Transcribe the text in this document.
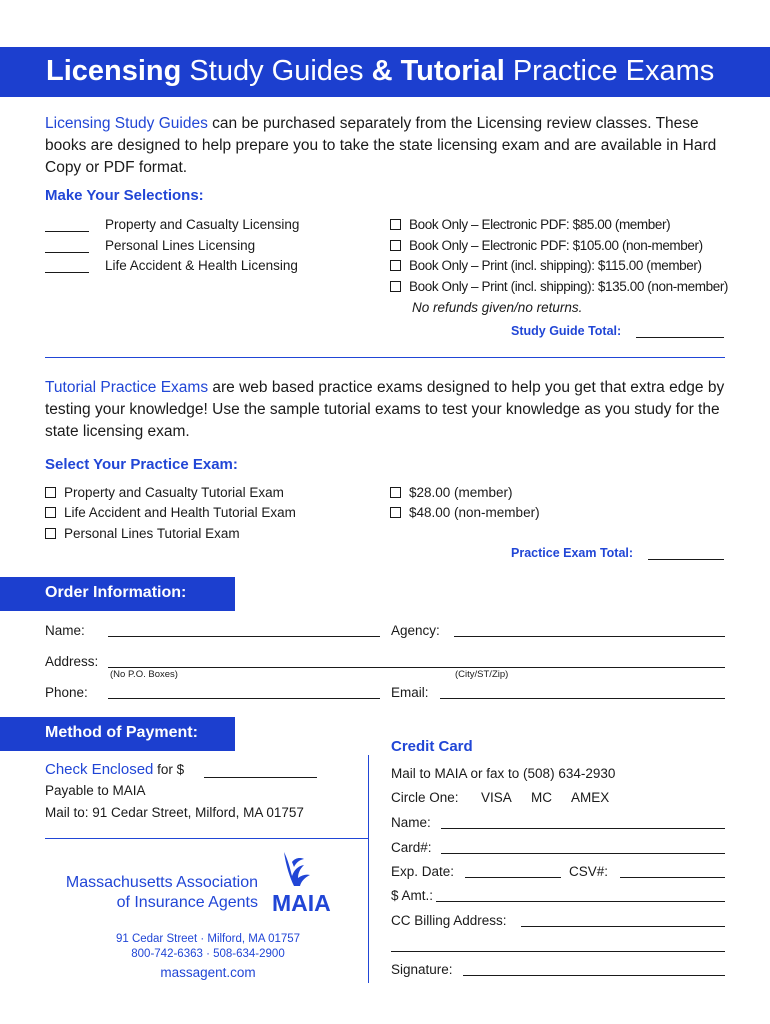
Licensing Study Guides & Tutorial Practice Exams
Licensing Study Guides can be purchased separately from the Licensing review classes. These books are designed to help prepare you to take the state licensing exam and are available in Hard Copy or PDF format.
Make Your Selections:
Property and Casualty Licensing
Personal Lines Licensing
Life Accident & Health Licensing
Book Only – Electronic PDF: $85.00 (member)
Book Only – Electronic PDF: $105.00 (non-member)
Book Only – Print (incl. shipping): $115.00 (member)
Book Only – Print (incl. shipping): $135.00 (non-member)
No refunds given/no returns.
Study Guide Total:
Tutorial Practice Exams are web based practice exams designed to help you get that extra edge by testing your knowledge! Use the sample tutorial exams to test your knowledge as you study for the state licensing exam.
Select Your Practice Exam:
Property and Casualty Tutorial Exam
Life Accident and Health Tutorial Exam
Personal Lines Tutorial Exam
$28.00 (member)
$48.00 (non-member)
Practice Exam Total:
Order Information:
Name:	Agency:
Address:
(No P.O. Boxes)	(City/ST/Zip)
Phone:	Email:
Method of Payment:
Check Enclosed for $
Payable to MAIA
Mail to: 91 Cedar Street, Milford, MA 01757
Credit Card
Mail to MAIA or fax to (508) 634-2930
Circle One: VISA MC AMEX
Name:
Card#:
Exp. Date:	CSV#:
$ Amt.:
CC Billing Address:
Signature:
Massachusetts Association
of Insurance Agents MAIA
91 Cedar Street · Milford, MA 01757
800-742-6363 · 508-634-2900
massagent.com
